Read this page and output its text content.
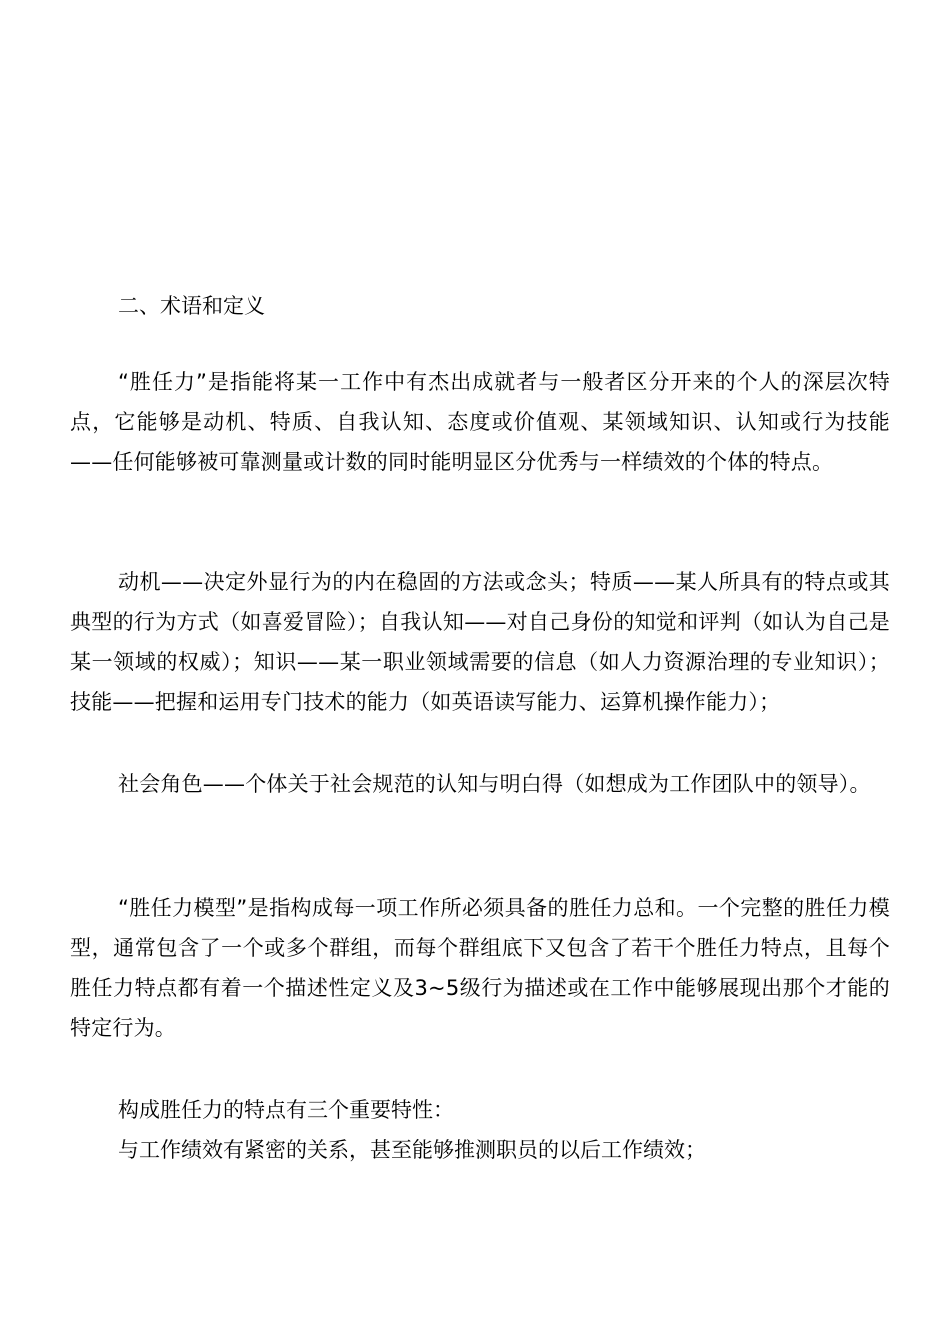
二、术语和定义

“胜任力”是指能将某一工作中有杰出成就者与一般者区分开来的个人的深层次特点，它能够是动机、特质、自我认知、态度或价值观、某领域知识、认知或行为技能——任何能够被可靠测量或计数的同时能明显区分优秀与一样绩效的个体的特点。

动机——决定外显行为的内在稳固的方法或念头；特质——某人所具有的特点或其典型的行为方式（如喜爱冒险）；自我认知——对自己身份的知觉和评判（如认为自己是某一领域的权威）；知识——某一职业领域需要的信息（如人力资源治理的专业知识）；技能——把握和运用专门技术的能力（如英语读写能力、运算机操作能力）；

社会角色——个体关于社会规范的认知与明白得（如想成为工作团队中的领导）。

“胜任力模型”是指构成每一项工作所必须具备的胜任力总和。一个完整的胜任力模型，通常包含了一个或多个群组，而每个群组底下又包含了若干个胜任力特点，且每个胜任力特点都有着一个描述性定义及3~5级行为描述或在工作中能够展现出那个才能的特定行为。

构成胜任力的特点有三个重要特性：

与工作绩效有紧密的关系，甚至能够推测职员的以后工作绩效；
